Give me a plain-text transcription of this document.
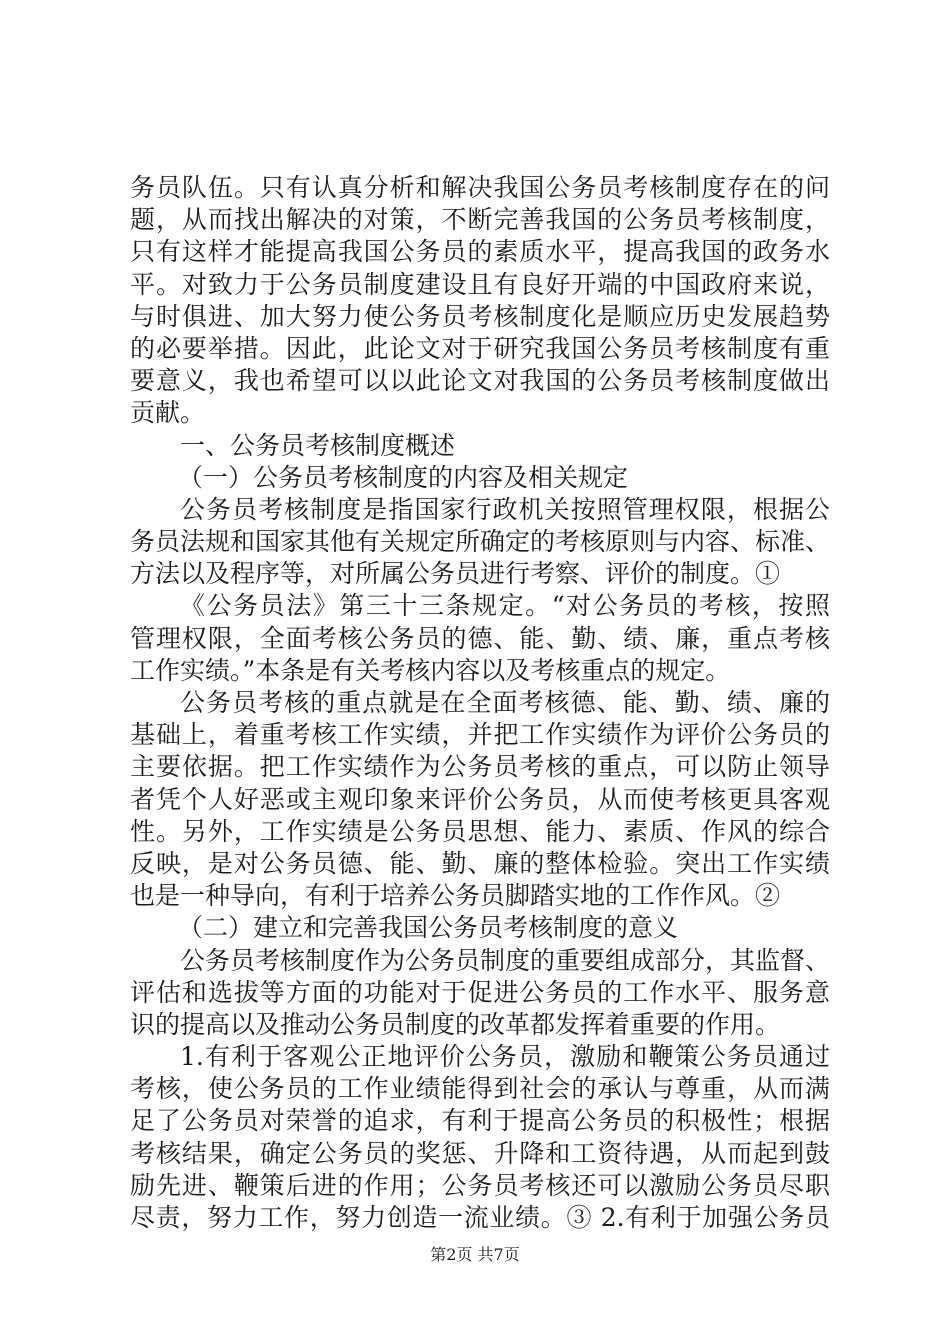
务员队伍。只有认真分析和解决我国公务员考核制度存在的问
题，从而找出解决的对策，不断完善我国的公务员考核制度，
只有这样才能提高我国公务员的素质水平，提高我国的政务水
平。对致力于公务员制度建设且有良好开端的中国政府来说，
与时俱进、加大努力使公务员考核制度化是顺应历史发展趋势
的必要举措。因此，此论文对于研究我国公务员考核制度有重
要意义，我也希望可以以此论文对我国的公务员考核制度做出
贡献。
一、公务员考核制度概述
（一）公务员考核制度的内容及相关规定
公务员考核制度是指国家行政机关按照管理权限，根据公
务员法规和国家其他有关规定所确定的考核原则与内容、标准、
方法以及程序等，对所属公务员进行考察、评价的制度。①
《公务员法》第三十三条规定。“对公务员的考核，按照
管理权限，全面考核公务员的德、能、勤、绩、廉，重点考核
工作实绩。”本条是有关考核内容以及考核重点的规定。
公务员考核的重点就是在全面考核德、能、勤、绩、廉的
基础上，着重考核工作实绩，并把工作实绩作为评价公务员的
主要依据。把工作实绩作为公务员考核的重点，可以防止领导
者凭个人好恶或主观印象来评价公务员，从而使考核更具客观
性。另外，工作实绩是公务员思想、能力、素质、作风的综合
反映，是对公务员德、能、勤、廉的整体检验。突出工作实绩
也是一种导向，有利于培养公务员脚踏实地的工作作风。②
（二）建立和完善我国公务员考核制度的意义
公务员考核制度作为公务员制度的重要组成部分，其监督、
评估和选拔等方面的功能对于促进公务员的工作水平、服务意
识的提高以及推动公务员制度的改革都发挥着重要的作用。
1.有利于客观公正地评价公务员，激励和鞭策公务员通过
考核，使公务员的工作业绩能得到社会的承认与尊重，从而满
足了公务员对荣誉的追求，有利于提高公务员的积极性；根据
考核结果，确定公务员的奖惩、升降和工资待遇，从而起到鼓
励先进、鞭策后进的作用；公务员考核还可以激励公务员尽职
尽责，努力工作，努力创造一流业绩。③ 2.有利于加强公务员
第2页 共7页
